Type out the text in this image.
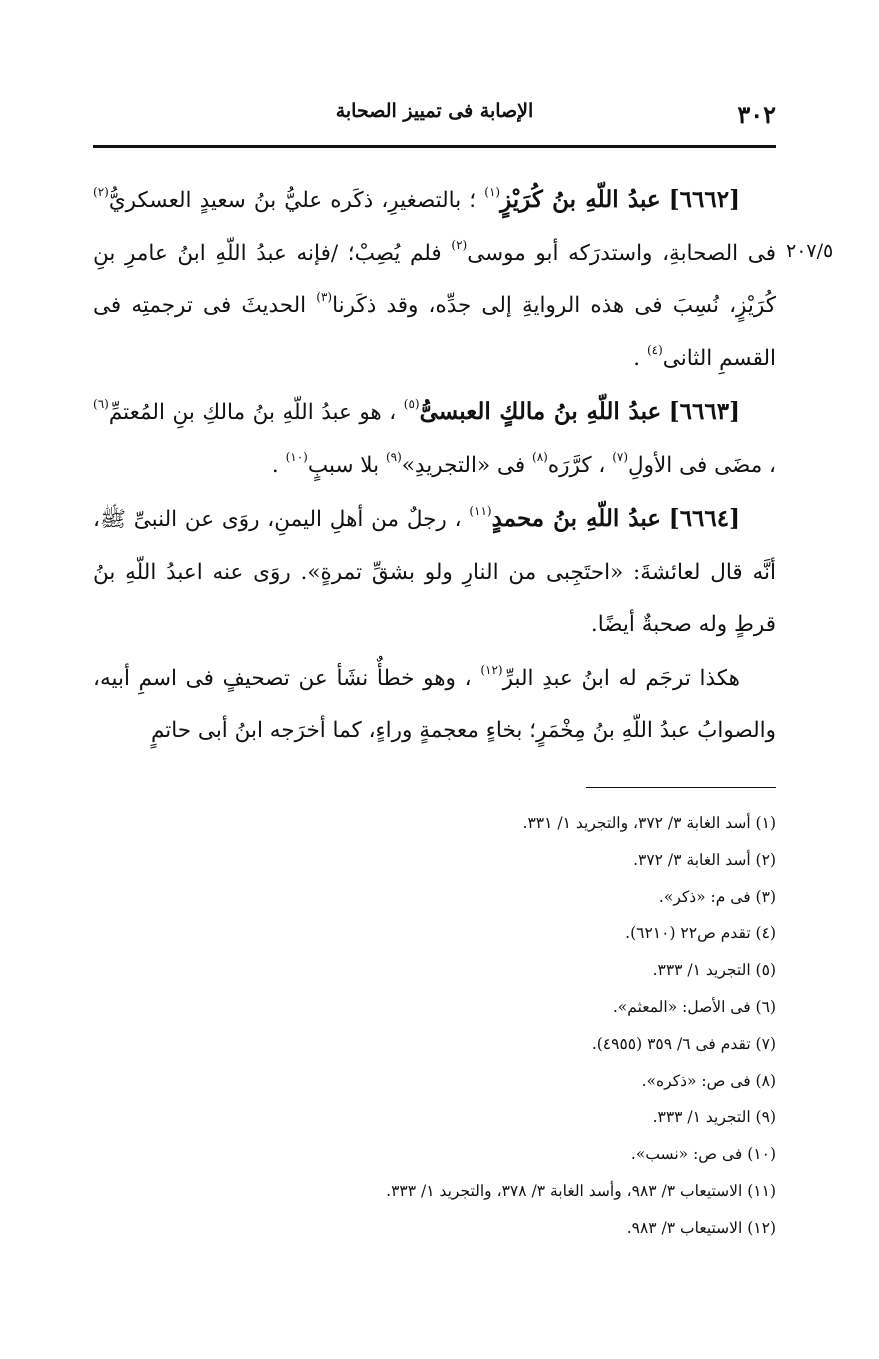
٣٠٢
الإصابة فى تمييز الصحابة
٢٠٧/٥

[٦٦٦٢] عبدُ اللّهِ بنُ كُرَيْزٍ$^{(١)}$ ؛ بالتصغيرِ، ذكَره عليُّ بنُ سعيدٍ العسكريُّ$^{(٢)}$ فى الصحابةِ، واستدرَكه أبو موسى$^{(٢)}$ فلم يُصِبْ؛ /فإنه عبدُ اللّهِ ابنُ عامرِ بنِ كُرَيْزٍ، نُسِبَ فى هذه الروايةِ إلى جدِّه، وقد ذكَرنا$^{(٣)}$ الحديثَ فى ترجمتِه فى القسمِ الثانى$^{(٤)}$ .

[٦٦٦٣] عبدُ اللّهِ بنُ مالكٍ العبسىُّ$^{(٥)}$ ، هو عبدُ اللّهِ بنُ مالكِ بنِ المُعتمِّ$^{(٦)}$ ، مضَى فى الأولِ$^{(٧)}$ ، كرَّرَه$^{(٨)}$ فى «التجريدِ»$^{(٩)}$ بلا سببٍ$^{(١٠)}$ .

[٦٦٦٤] عبدُ اللّهِ بنُ محمدٍ$^{(١١)}$ ، رجلٌ من أهلِ اليمنِ، روَى عن النبىِّ ﷺ، أنَّه قال لعائشةَ: «احتَجِبى من النارِ ولو بشقِّ تمرةٍ». روَى عنه اعبدُ اللّهِ بنُ قرطٍ وله صحبةٌ أيضًا.

هكذا ترجَم له ابنُ عبدِ البرِّ$^{(١٢)}$ ، وهو خطأٌ نشَأ عن تصحيفٍ فى اسمِ أبيه، والصوابُ عبدُ اللّهِ بنُ مِخْمَرٍ؛ بخاءٍ معجمةٍ وراءٍ، كما أخرَجه ابنُ أبى حاتمٍ

(١) أسد الغابة ٣/ ٣٧٢، والتجريد ١/ ٣٣١.
(٢) أسد الغابة ٣/ ٣٧٢.
(٣) فى م: «ذكر».
(٤) تقدم ص٢٢ (٦٢١٠).
(٥) التجريد ١/ ٣٣٣.
(٦) فى الأصل: «المعثم».
(٧) تقدم فى ٦/ ٣٥٩ (٤٩٥٥).
(٨) فى ص: «ذكره».
(٩) التجريد ١/ ٣٣٣.
(١٠) فى ص: «نسب».
(١١) الاستيعاب ٣/ ٩٨٣، وأسد الغابة ٣/ ٣٧٨، والتجريد ١/ ٣٣٣.
(١٢) الاستيعاب ٣/ ٩٨٣.
